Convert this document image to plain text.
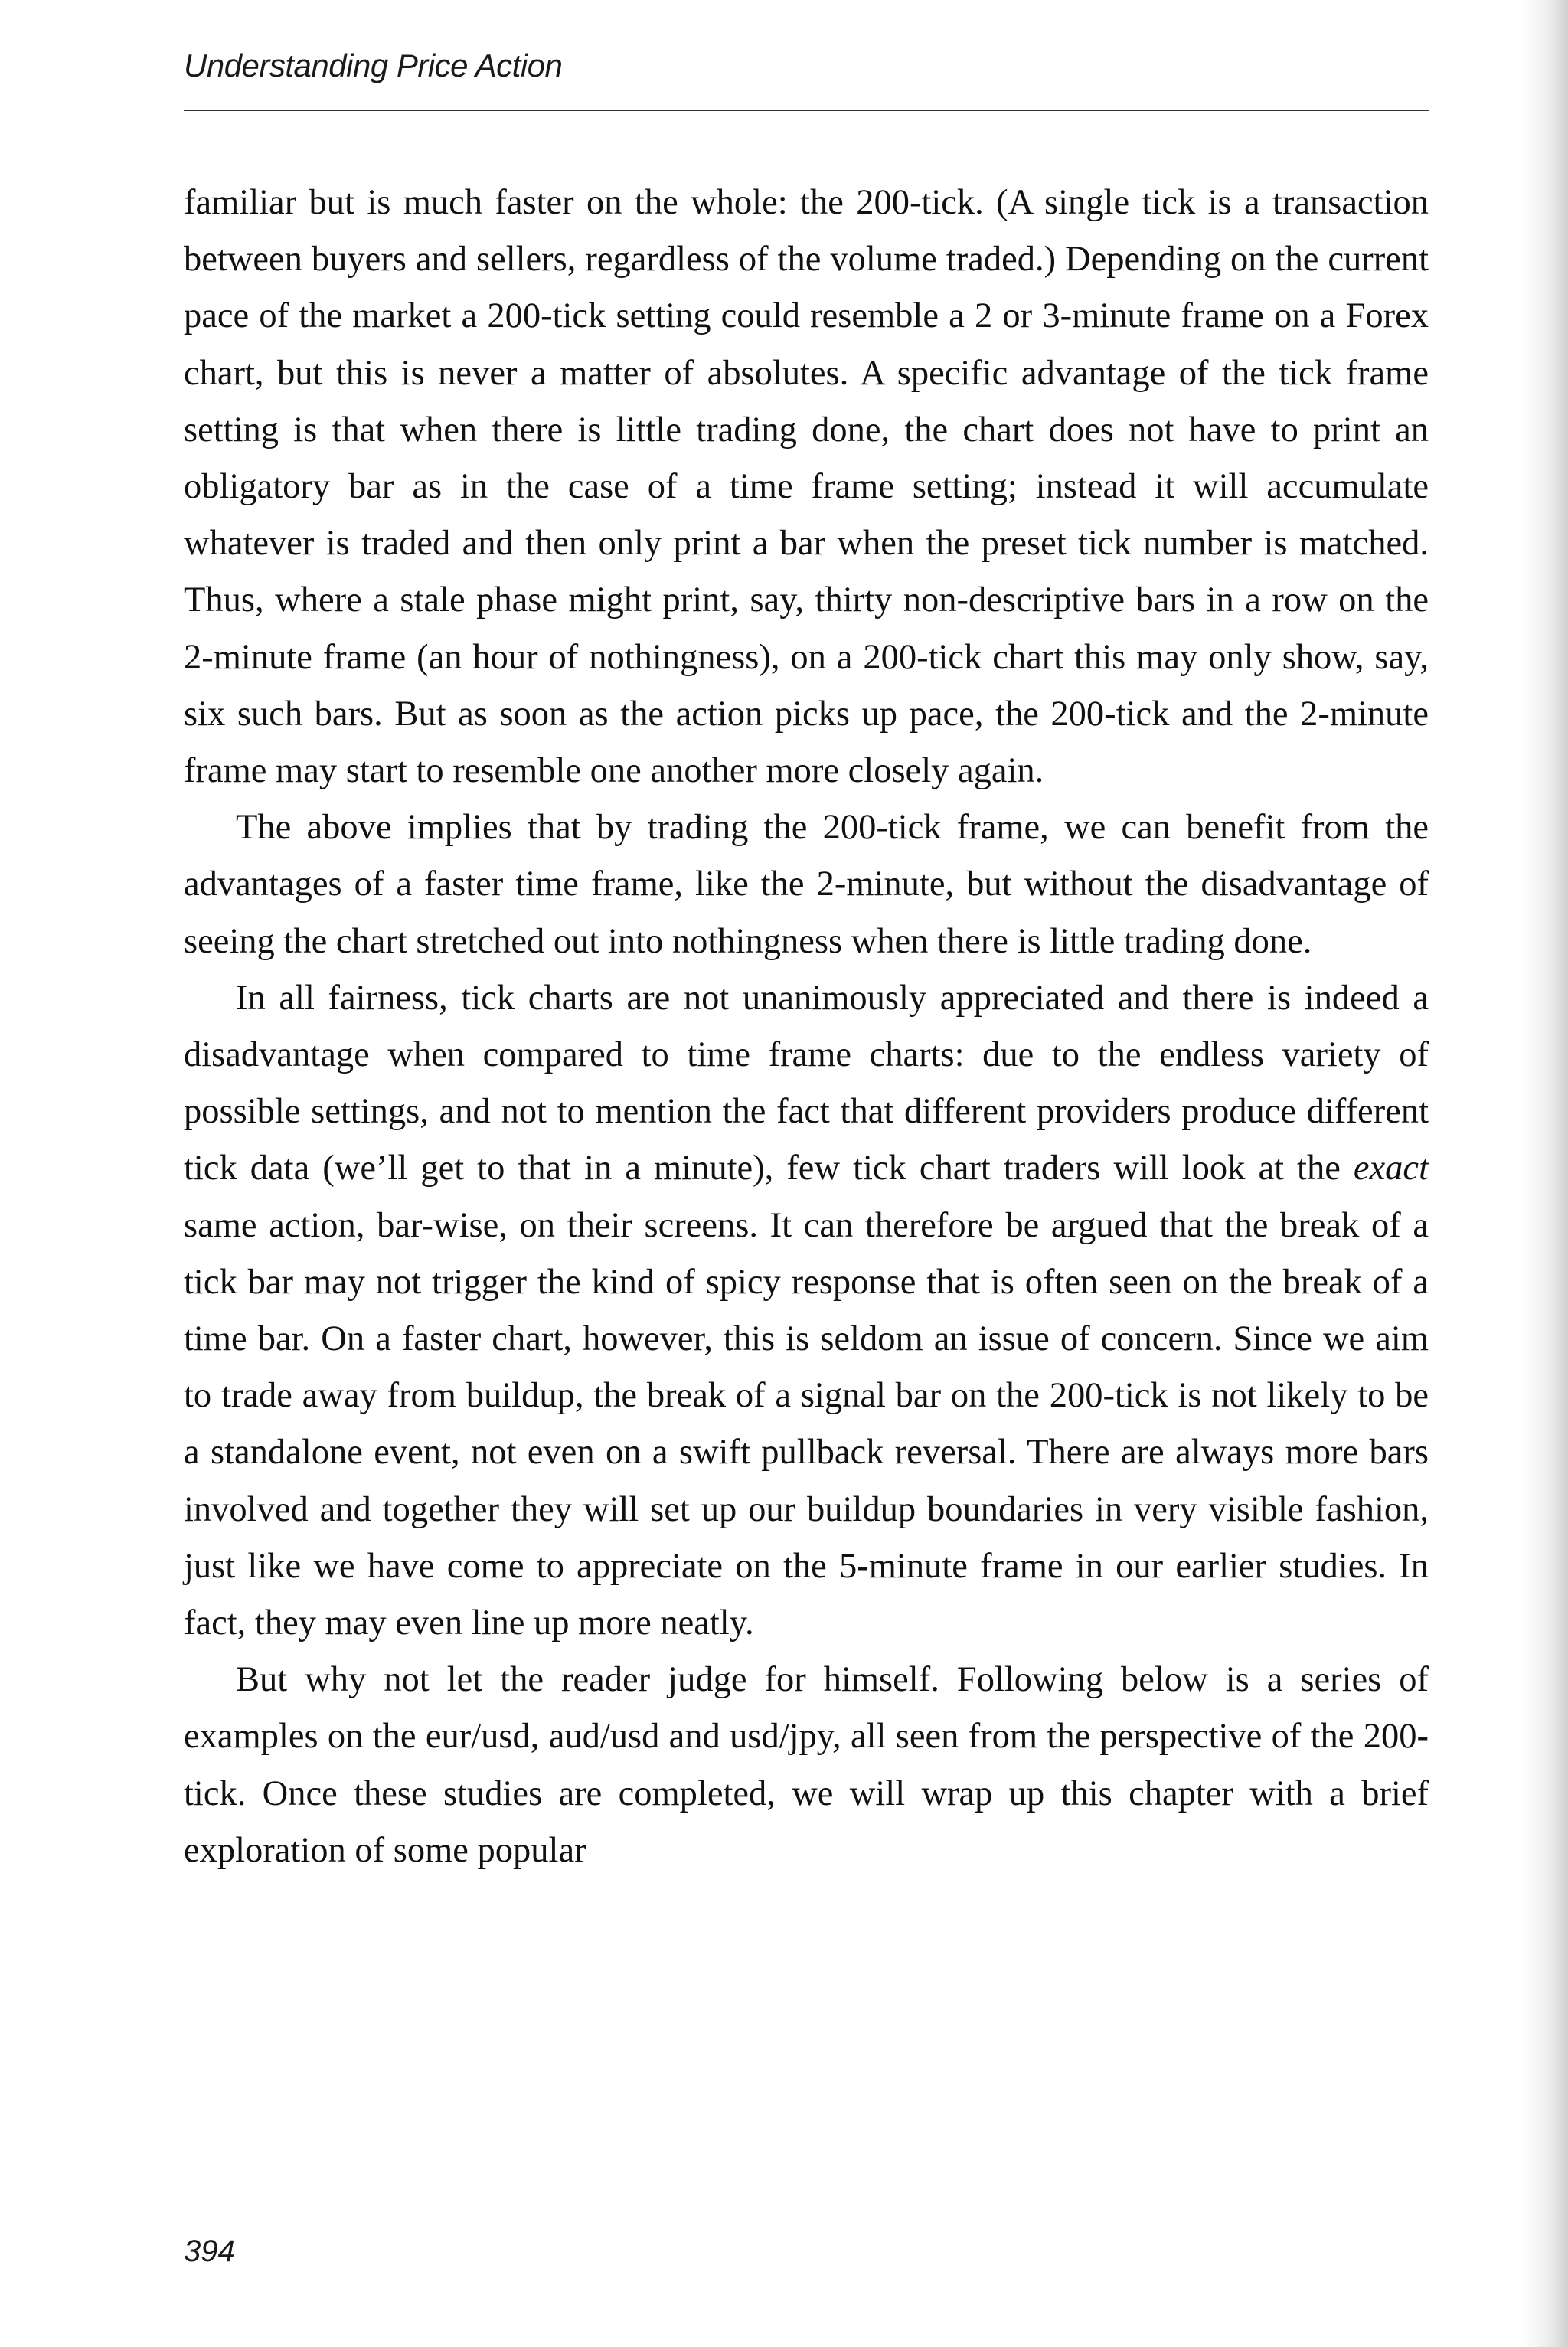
Understanding Price Action

familiar but is much faster on the whole: the 200-tick. (A single tick is a transaction between buyers and sellers, regardless of the volume traded.) Depending on the current pace of the market a 200-tick setting could resemble a 2 or 3-minute frame on a Forex chart, but this is never a matter of absolutes. A specific advantage of the tick frame setting is that when there is little trading done, the chart does not have to print an obligatory bar as in the case of a time frame setting; instead it will accumulate whatever is traded and then only print a bar when the preset tick number is matched. Thus, where a stale phase might print, say, thirty non-descriptive bars in a row on the 2-minute frame (an hour of nothingness), on a 200-tick chart this may only show, say, six such bars. But as soon as the action picks up pace, the 200-tick and the 2-minute frame may start to resemble one another more closely again.

The above implies that by trading the 200-tick frame, we can benefit from the advantages of a faster time frame, like the 2-minute, but without the disadvantage of seeing the chart stretched out into nothingness when there is little trading done.

In all fairness, tick charts are not unanimously appreciated and there is indeed a disadvantage when compared to time frame charts: due to the endless variety of possible settings, and not to mention the fact that different providers produce different tick data (we’ll get to that in a minute), few tick chart traders will look at the exact same action, bar-wise, on their screens. It can therefore be argued that the break of a tick bar may not trigger the kind of spicy response that is often seen on the break of a time bar. On a faster chart, however, this is seldom an issue of concern. Since we aim to trade away from buildup, the break of a signal bar on the 200-tick is not likely to be a standalone event, not even on a swift pullback reversal. There are always more bars involved and together they will set up our buildup boundaries in very visible fashion, just like we have come to appreciate on the 5-minute frame in our earlier studies. In fact, they may even line up more neatly.

But why not let the reader judge for himself. Following below is a series of examples on the eur/usd, aud/usd and usd/jpy, all seen from the perspective of the 200-tick. Once these studies are completed, we will wrap up this chapter with a brief exploration of some popular

394
